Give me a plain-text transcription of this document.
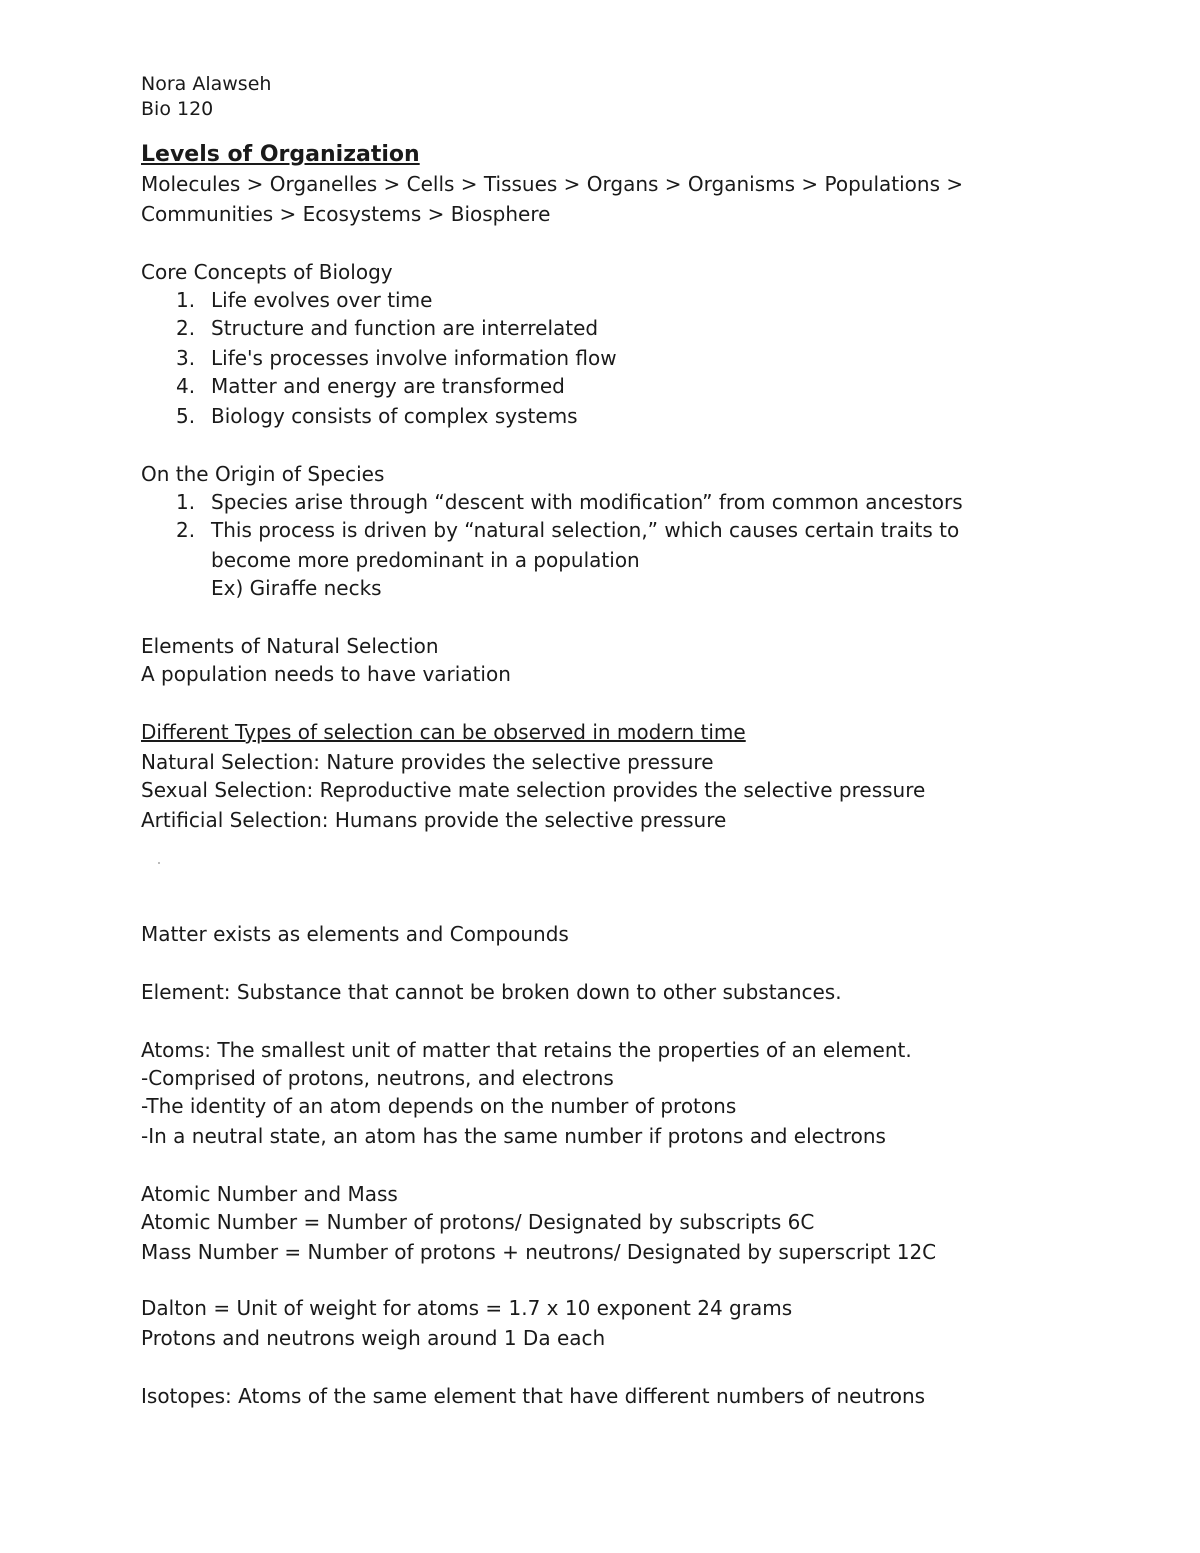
Nora Alawseh

Bio 120

Levels of Organization

Molecules > Organelles > Cells > Tissues > Organs > Organisms > Populations >

Communities > Ecosystems > Biosphere

Core Concepts of Biology

1. Life evolves over time
2. Structure and function are interrelated
3. Life's processes involve information flow
4. Matter and energy are transformed
5. Biology consists of complex systems

On the Origin of Species

1. Species arise through “descent with modification” from common ancestors
2. This process is driven by “natural selection,” which causes certain traits to
become more predominant in a population
Ex) Giraffe necks

Elements of Natural Selection

A population needs to have variation

Different Types of selection can be observed in modern time

Natural Selection: Nature provides the selective pressure

Sexual Selection: Reproductive mate selection provides the selective pressure

Artificial Selection: Humans provide the selective pressure

Matter exists as elements and Compounds

Element: Substance that cannot be broken down to other substances.

Atoms: The smallest unit of matter that retains the properties of an element.

-Comprised of protons, neutrons, and electrons

-The identity of an atom depends on the number of protons

-In a neutral state, an atom has the same number if protons and electrons

Atomic Number and Mass

Atomic Number = Number of protons/ Designated by subscripts 6C

Mass Number = Number of protons + neutrons/ Designated by superscript 12C

Dalton = Unit of weight for atoms = 1.7 x 10 exponent 24 grams

Protons and neutrons weigh around 1 Da each

Isotopes: Atoms of the same element that have different numbers of neutrons
